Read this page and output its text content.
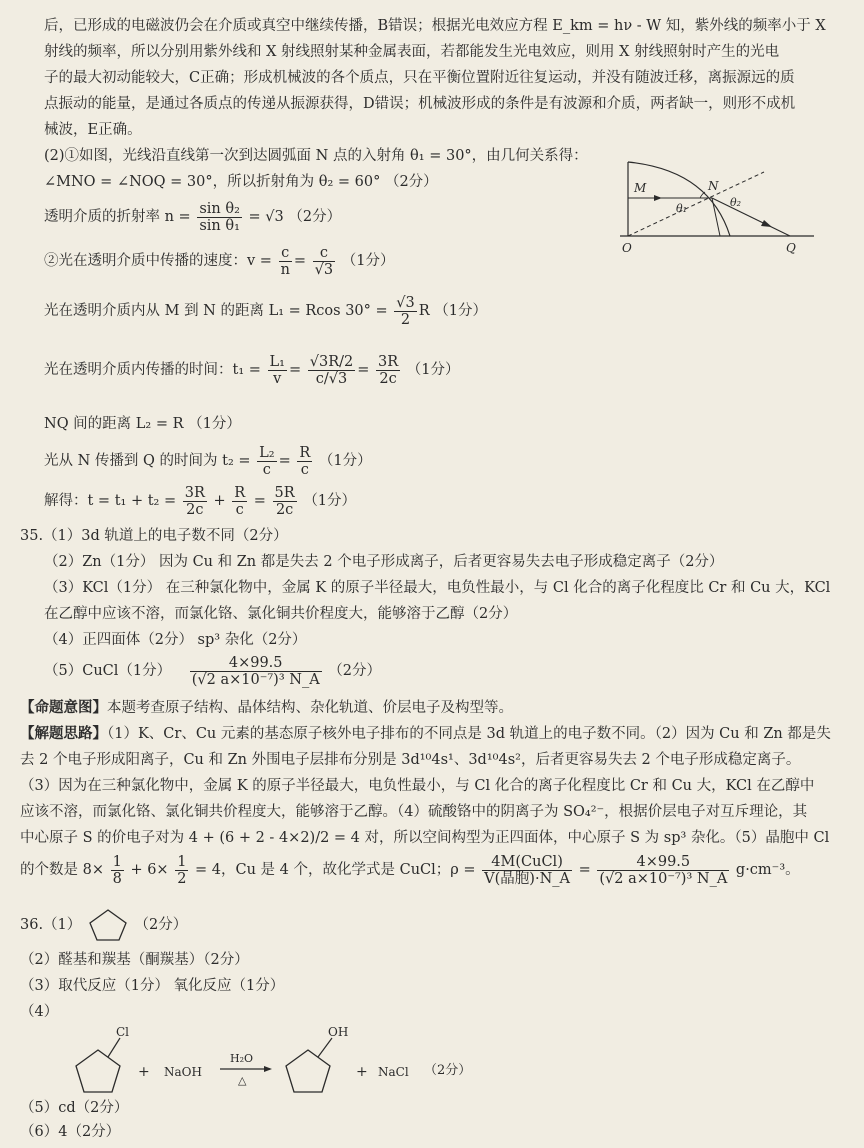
后，已形成的电磁波仍会在介质或真空中继续传播，B错误；根据光电效应方程 E_km = hν - W 知，紫外线的频率小于 X
射线的频率，所以分别用紫外线和 X 射线照射某种金属表面，若都能发生光电效应，则用 X 射线照射时产生的光电
子的最大初动能较大，C正确；形成机械波的各个质点，只在平衡位置附近往复运动，并没有随波迁移，离振源远的质
点振动的能量，是通过各质点的传递从振源获得，D错误；机械波形成的条件是有波源和介质，两者缺一，则形不成机
械波，E正确。
(2)①如图，光线沿直线第一次到达圆弧面 N 点的入射角 θ₁ = 30°，由几何关系得：
∠MNO = ∠NOQ = 30°，所以折射角为 θ₂ = 60° （2分）
透明介质的折射率 $n = \frac{\text{sin θ₂}}{\text{sin θ₁}} = √3$ （2分）
②光在透明介质中传播的速度：$v = \frac{c}{n} = \frac{c}{√3} (1$分）
光在透明介质内从 M 到 N 的距离 L₁ = Rcos $30^\circ = \frac{√3}{2}$ R （1分）
光在透明介质内传播的时间：$t_1 = \frac{\text{L₁}}{v} = \frac{√3R/2}{c/√3} = \frac{3R}{2c} (1$分）
NQ 间的距离 L₂ = R （1分）
光从 N 传播到 Q 的时间为 $t_2 = \frac{\text{L₂}}{c} = \frac{R}{c} (1$分）
解得：$t = t_1 + t_2 = \frac{3R}{2c} + \frac{R}{c} = \frac{5R}{2c} (1$分）
M	N
O	Q
θ₁	θ₂
35.（1）3d 轨道上的电子数不同（2分）
（2）Zn（1分） 因为 Cu 和 Zn 都是失去 2 个电子形成离子，后者更容易失去电子形成稳定离子（2分）
（3）KCl（1分） 在三种氯化物中，金属 K 的原子半径最大，电负性最小，与 Cl 化合的离子化程度比 Cr 和 Cu 大，KCl
在乙醇中应该不溶，而氯化铬、氯化铜共价程度大，能够溶于乙醇（2分）
（4）正四面体（2分） sp³ 杂化（2分）
（5）CuCl（1分） $\frac{4\times 99.5}{\text{(√2 a×10⁻⁷)³ N\_A}} (2$分）
【命题意图】本题考查原子结构、晶体结构、杂化轨道、价层电子及构型等。
【解题思路】（1）K、Cr、Cu 元素的基态原子核外电子排布的不同点是 3d 轨道上的电子数不同。（2）因为 Cu 和 Zn 都是失
去 2 个电子形成阳离子，Cu 和 Zn 外围电子层排布分别是 3d¹⁰4s¹、3d¹⁰4s²，后者更容易失去 2 个电子形成稳定离子。
（3）因为在三种氯化物中，金属 K 的原子半径最大，电负性最小，与 Cl 化合的离子化程度比 Cr 和 Cu 大，KCl 在乙醇中
应该不溶，而氯化铬、氯化铜共价程度大，能够溶于乙醇。（4）硫酸铬中的阴离子为 SO₄²⁻，根据价层电子对互斥理论，其
中心原子 S 的价电子对为 4 + (6 + 2 - 4×2)/2 = 4 对，所以空间构型为正四面体，中心原子 S 为 sp³ 杂化。（5）晶胞中 Cl
的个数是 $8\times \frac{1}{8} + 6\times \frac{1}{2} = 4$，Cu 是 4 个，故化学式是 CuCl；ρ =
4M(CuCl)
V(晶胞)·N_A
= $\frac{4\times 99.5}{\text{(√2 a×10⁻⁷)³ N\_A}} g\cdot cm^{-3}$。
36.（1）	（2分）
（2）醛基和羰基（酮羰基）（2分）
（3）取代反应（1分） 氧化反应（1分）
（4）
Cl
+ NaOH
H₂O
△
OH
+ NaCl （2分）
（5）cd（2分）
（6）4（2分）
